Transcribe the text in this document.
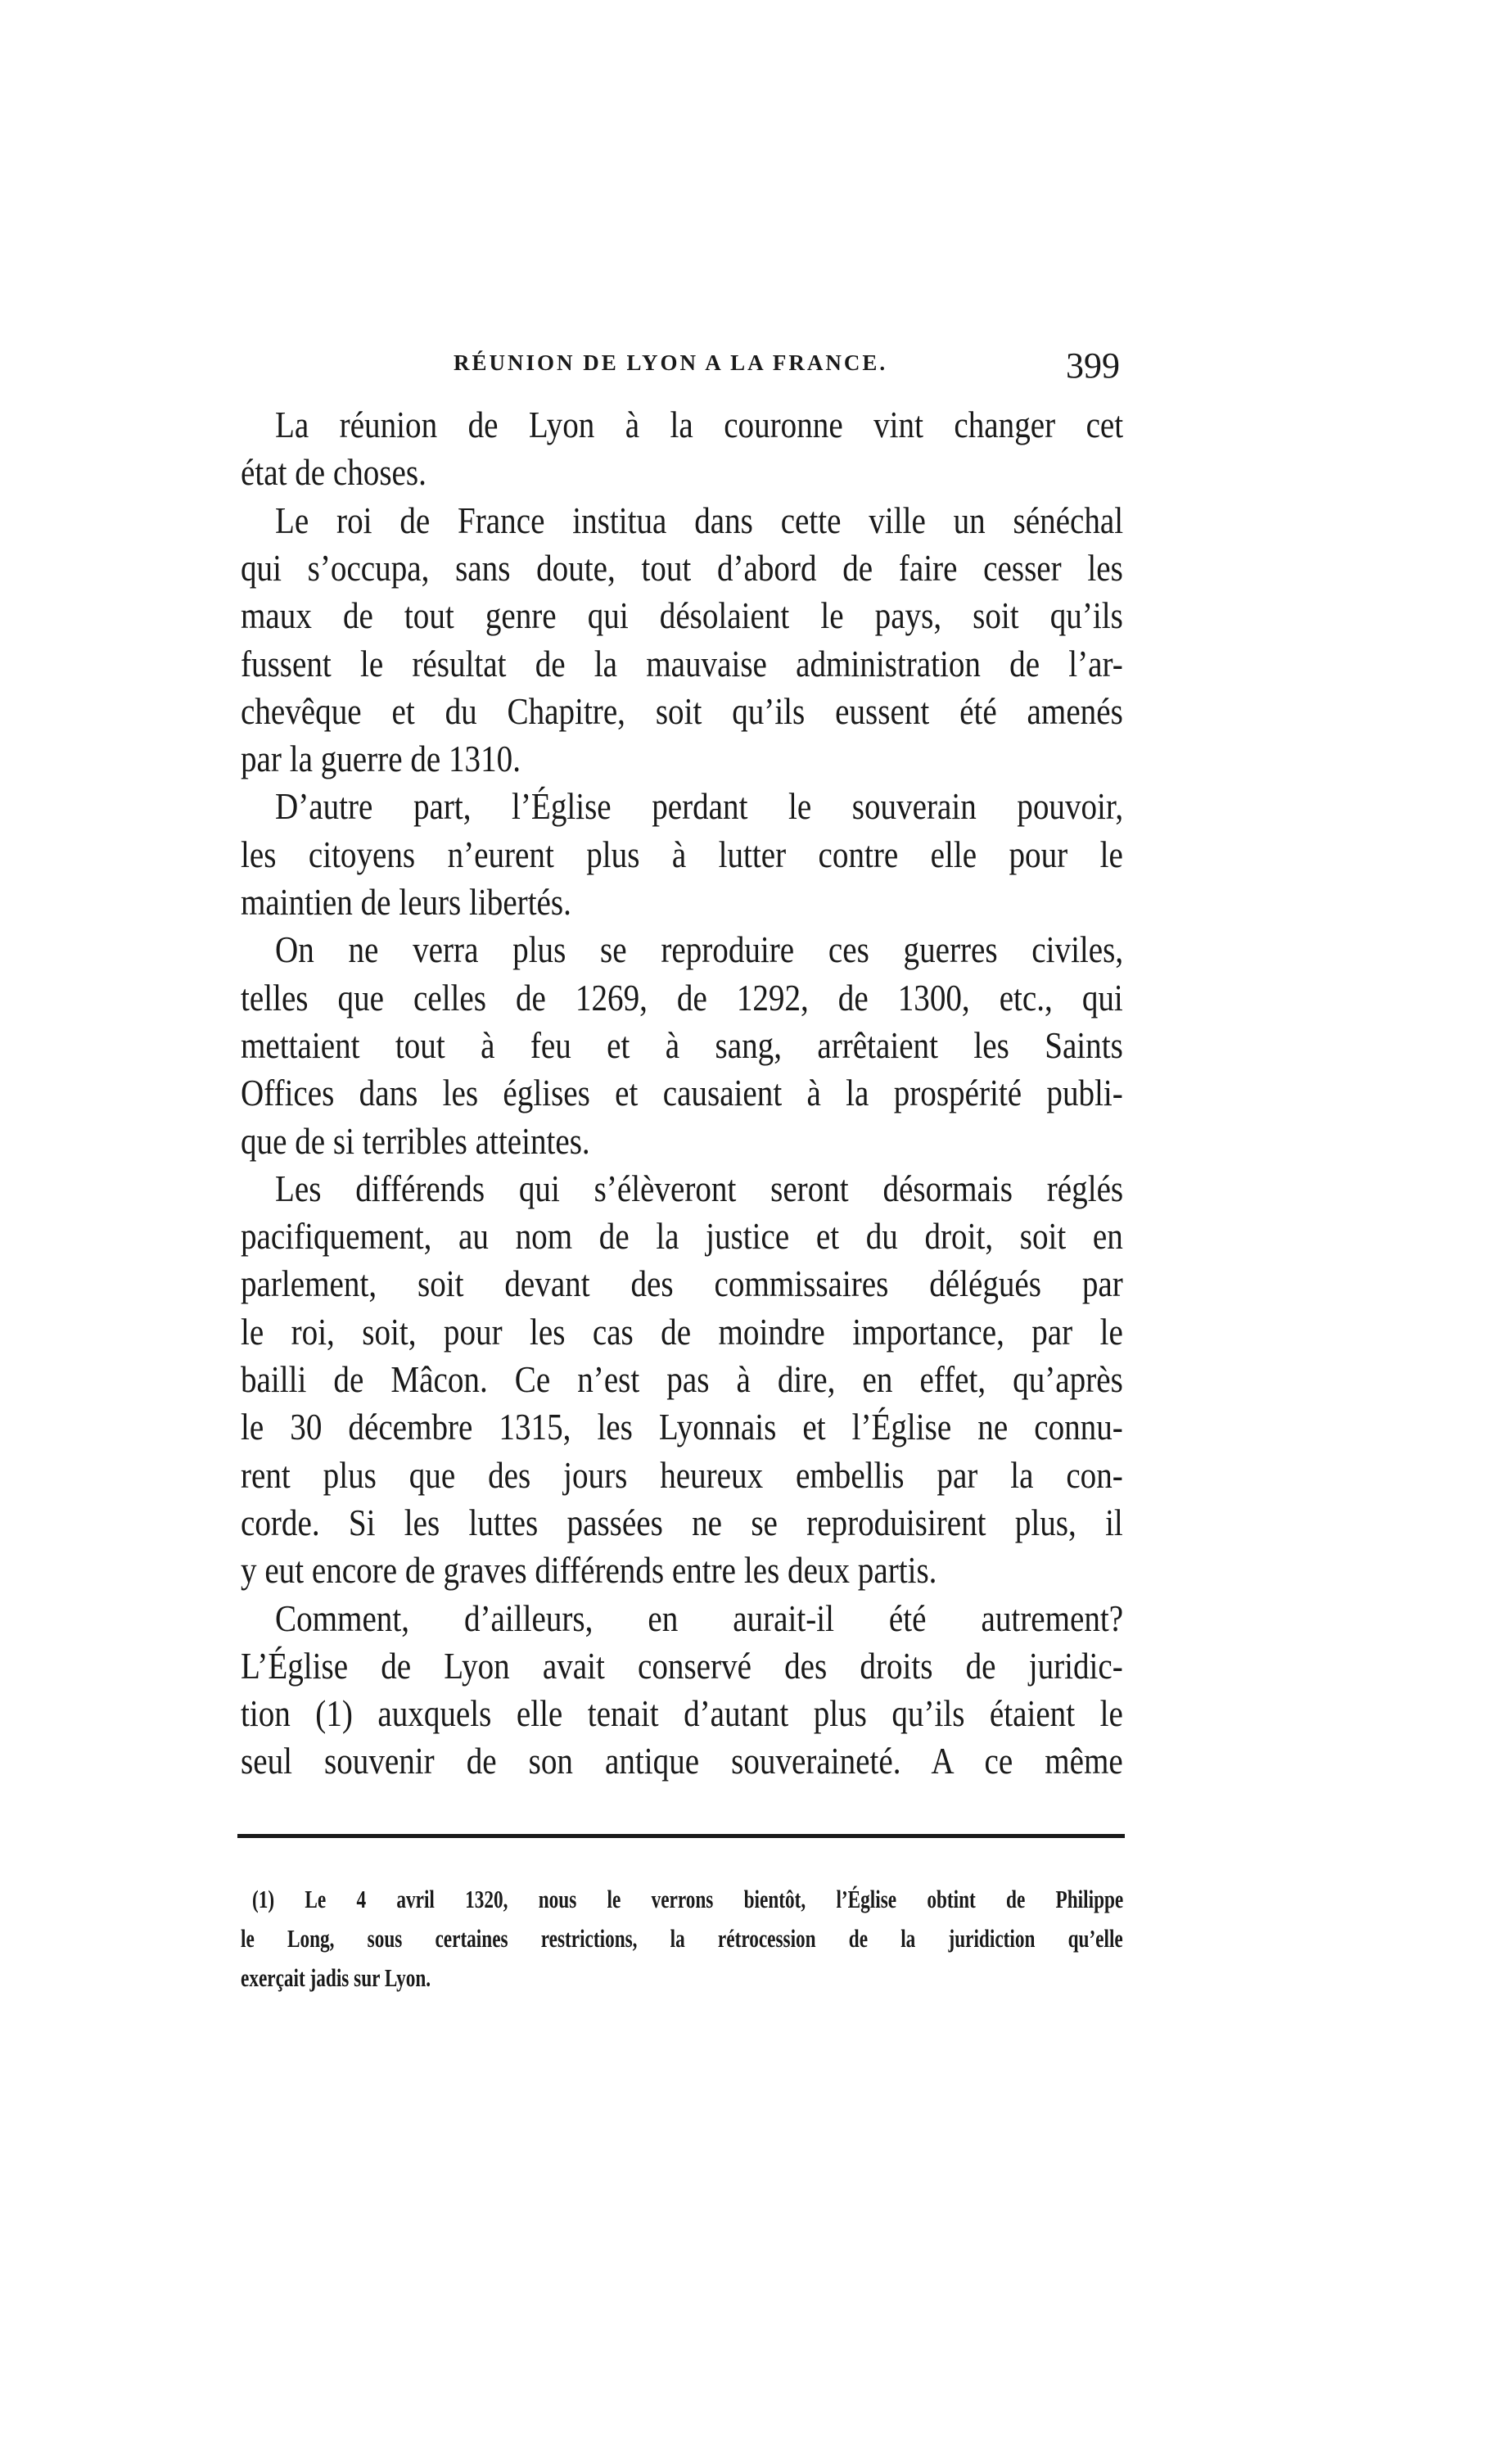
RÉUNION DE LYON A LA FRANCE.	399
La réunion de Lyon à la couronne vint changer cet
état de choses.
Le roi de France institua dans cette ville un sénéchal
qui s’occupa, sans doute, tout d’abord de faire cesser les
maux de tout genre qui désolaient le pays, soit qu’ils
fussent le résultat de la mauvaise administration de l’ar-
chevêque et du Chapitre, soit qu’ils eussent été amenés
par la guerre de 1310.
D’autre part, l’Église perdant le souverain pouvoir,
les citoyens n’eurent plus à lutter contre elle pour le
maintien de leurs libertés.
On ne verra plus se reproduire ces guerres civiles,
telles que celles de 1269, de 1292, de 1300, etc., qui
mettaient tout à feu et à sang, arrêtaient les Saints
Offices dans les églises et causaient à la prospérité publi-
que de si terribles atteintes.
Les différends qui s’élèveront seront désormais réglés
pacifiquement, au nom de la justice et du droit, soit en
parlement, soit devant des commissaires délégués par
le roi, soit, pour les cas de moindre importance, par le
bailli de Mâcon. Ce n’est pas à dire, en effet, qu’après
le 30 décembre 1315, les Lyonnais et l’Église ne connu-
rent plus que des jours heureux embellis par la con-
corde. Si les luttes passées ne se reproduisirent plus, il
y eut encore de graves différends entre les deux partis.
Comment, d’ailleurs, en aurait-il été autrement?
L’Église de Lyon avait conservé des droits de juridic-
tion (1) auxquels elle tenait d’autant plus qu’ils étaient le
seul souvenir de son antique souveraineté. A ce même
(1) Le 4 avril 1320, nous le verrons bientôt, l’Église obtint de Philippe
le Long, sous certaines restrictions, la rétrocession de la juridiction qu’elle
exerçait jadis sur Lyon.
